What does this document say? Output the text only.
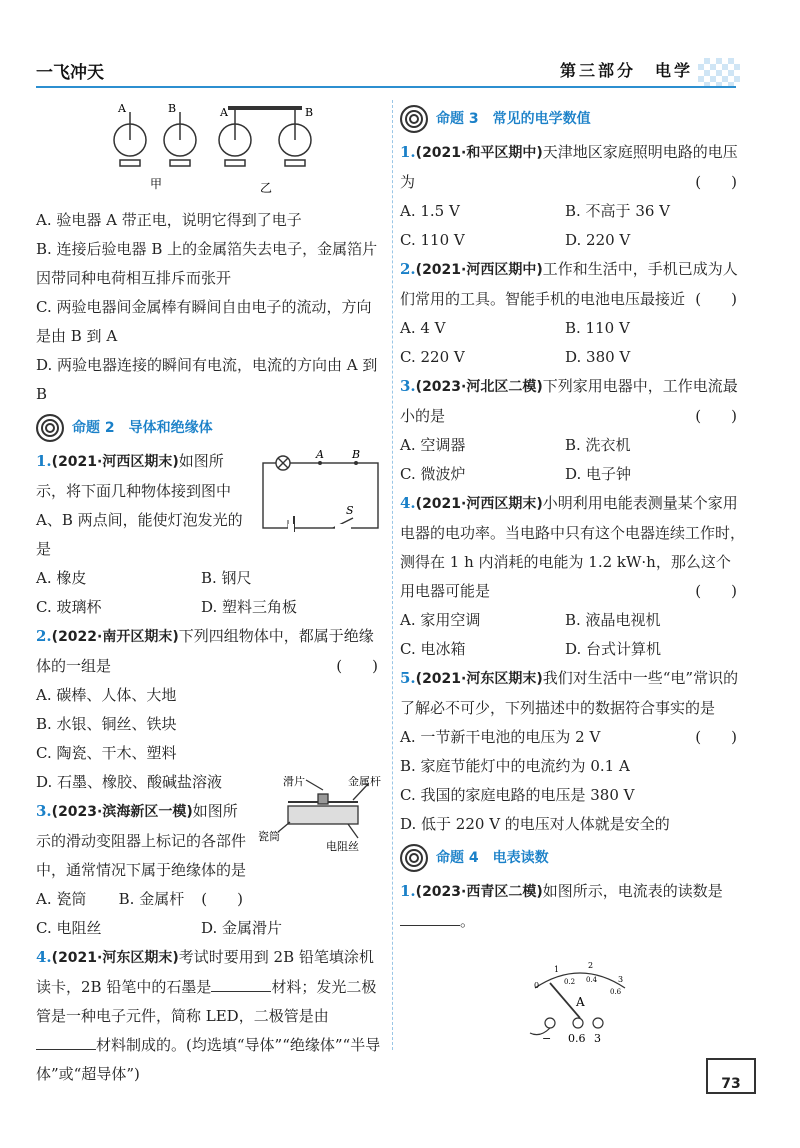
一飞冲天	第三部分　电学
A	B	A	B
甲	乙

A. 验电器 A 带正电，说明它得到了电子

B. 连接后验电器 B 上的金属箔失去电子，金属箔片因带同种电荷相互排斥而张开

C. 两验电器间金属棒有瞬间自由电子的流动，方向是由 B 到 A

D. 两验电器连接的瞬间有电流，电流的方向由 A 到 B

命题 2　导体和绝缘体
1.(2021·河西区期末)如图所示，将下面几种物体接到图中 A、B 两点间，能使灯泡发光的是
A. 橡皮	B. 钢尺
C. 玻璃杯	D. 塑料三角板
2.(2022·南开区期末)下列四组物体中，都属于绝缘体的一组是	(　　)

A. 碳棒、人体、大地

B. 水银、铜丝、铁块

C. 陶瓷、干木、塑料

D. 石墨、橡胶、酸碱盐溶液

3.(2023·滨海新区一模)如图所示的滑动变阻器上标记的各部件中，通常情况下属于绝缘体的是
(　　)
A. 瓷筒	B. 金属杆
C. 电阻丝	D. 金属滑片
4.(2021·河东区期末)考试时要用到 2B 铅笔填涂机读卡，2B 铅笔中的石墨是	材料；发光二极管是一种电子元件，简称 LED，二极管是由材料制成的。(均选填“导体”“绝缘体”“半导体”或“超导体”)
A	B
S
滑片	金属杆
瓷筒
电阻丝
命题 3　常见的电学数值
1.(2021·和平区期中)天津地区家庭照明电路的电压为	(　　)
A. 1.5 V	B. 不高于 36 V
C. 110 V	D. 220 V
2.(2021·河西区期中)工作和生活中，手机已成为人们常用的工具。智能手机的电池电压最接近 (　　)
A. 4 V	B. 110 V
C. 220 V	D. 380 V
3.(2023·河北区二模)下列家用电器中，工作电流最小的是	(　　)
A. 空调器	B. 洗衣机
C. 微波炉	D. 电子钟
4.(2021·河西区期末)小明利用电能表测量某个家用电器的电功率。当电路中只有这个电器连续工作时，测得在 1 h 内消耗的电能为 1.2 kW·h，那么这个用电器可能是	(　　)
A. 家用空调	B. 液晶电视机
C. 电冰箱	D. 台式计算机
5.(2021·河东区期末)我们对生活中一些“电”常识的了解必不可少，下列描述中的数据符合事实的是
(　　)

A. 一节新干电池的电压为 2 V

B. 家庭节能灯中的电流约为 0.1 A

C. 我国的家庭电路的电压是 380 V

D. 低于 220 V 的电压对人体就是安全的

命题 4　电表读数
1.(2023·西青区二模)如图所示，电流表的读数是。
0
1	2
3
0.2 0.4
0.6
A
− 0.6 3
73
